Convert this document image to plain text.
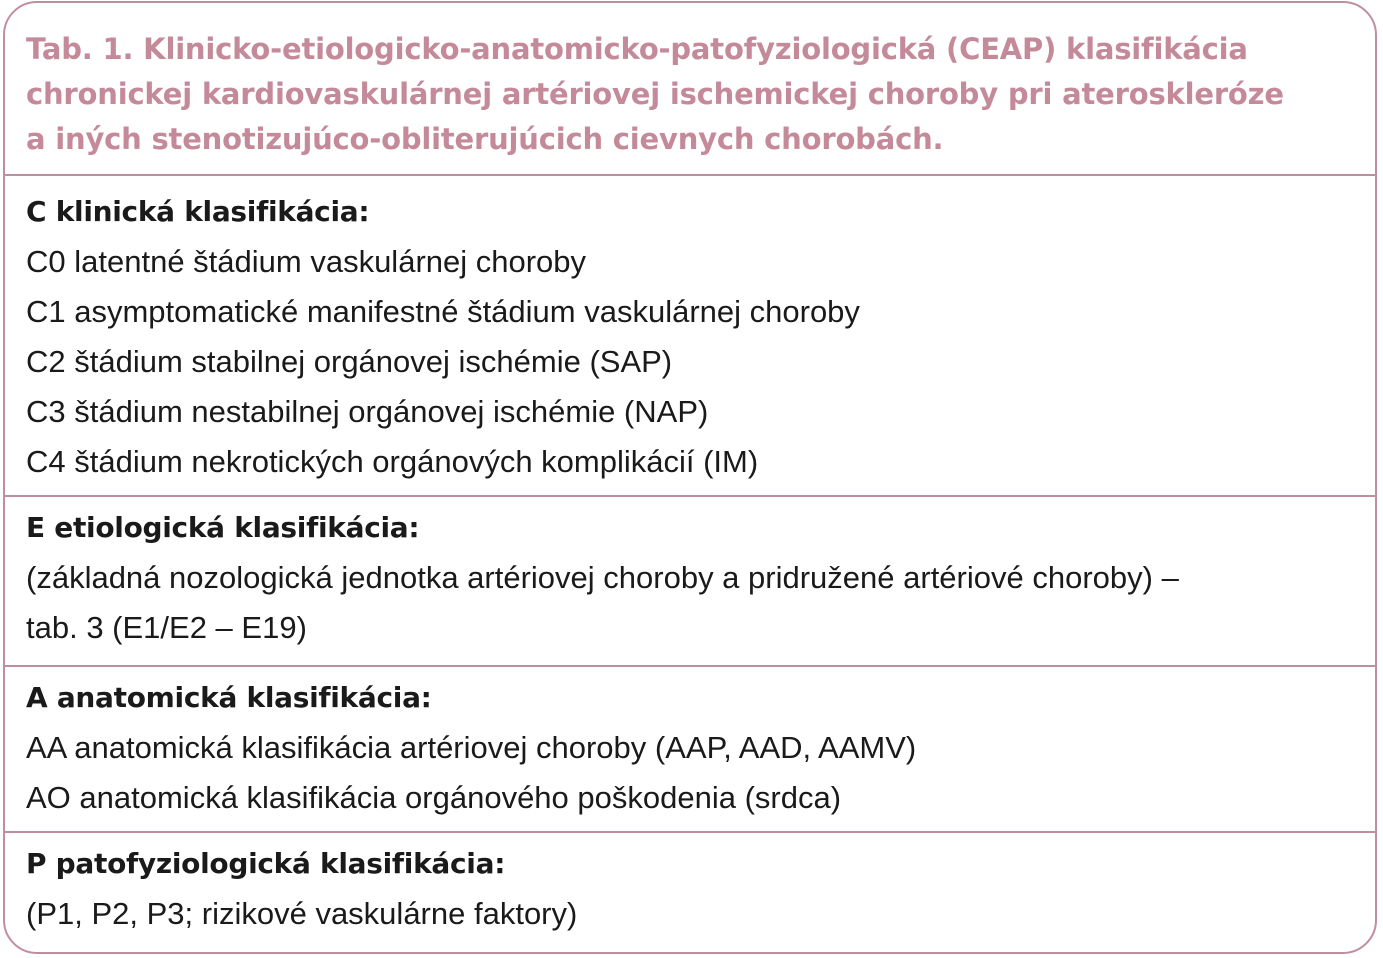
Tab. 1. Klinicko-etiologicko-anatomicko-patofyziologická (CEAP) klasifikácia
chronickej kardiovaskulárnej artériovej ischemickej choroby pri ateroskleróze
a iných stenotizujúco-obliterujúcich cievnych chorobách.
C klinická klasifikácia:
C0 latentné štádium vaskulárnej choroby
C1 asymptomatické manifestné štádium vaskulárnej choroby
C2 štádium stabilnej orgánovej ischémie (SAP)
C3 štádium nestabilnej orgánovej ischémie (NAP)
C4 štádium nekrotických orgánových komplikácií (IM)
E etiologická klasifikácia:
(základná nozologická jednotka artériovej choroby a pridružené artériové choroby) –
tab. 3 (E1/E2 – E19)
A anatomická klasifikácia:
AA anatomická klasifikácia artériovej choroby (AAP, AAD, AAMV)
AO anatomická klasifikácia orgánového poškodenia (srdca)
P patofyziologická klasifikácia:
(P1, P2, P3; rizikové vaskulárne faktory)
